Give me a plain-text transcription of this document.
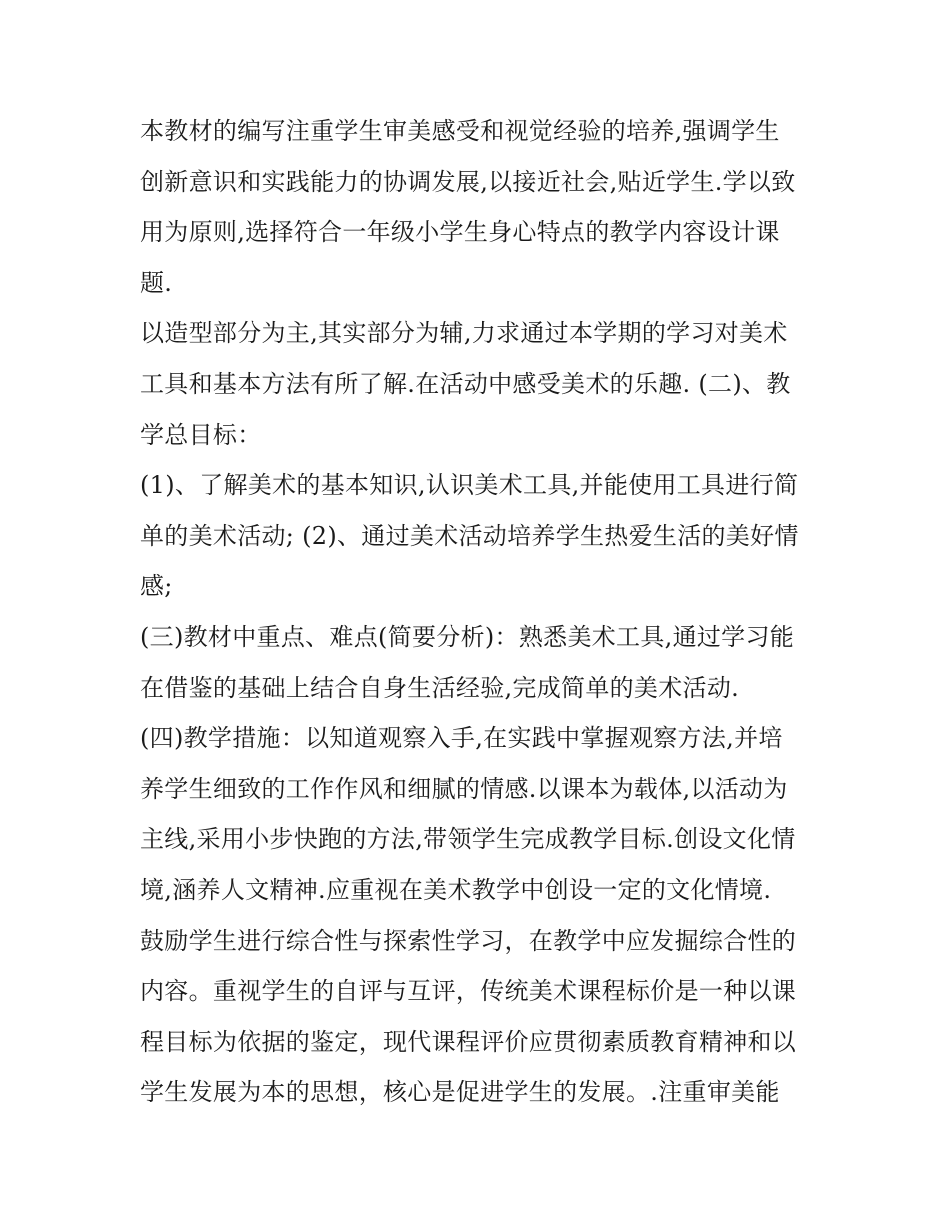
本教材的编写注重学生审美感受和视觉经验的培养,强调学生
创新意识和实践能力的协调发展,以接近社会,贴近学生.学以致
用为原则,选择符合一年级小学生身心特点的教学内容设计课
题.
以造型部分为主,其实部分为辅,力求通过本学期的学习对美术
工具和基本方法有所了解.在活动中感受美术的乐趣. (二)、教
学总目标：
(1)、了解美术的基本知识,认识美术工具,并能使用工具进行简
单的美术活动; (2)、通过美术活动培养学生热爱生活的美好情
感;
(三)教材中重点、难点(简要分析)：熟悉美术工具,通过学习能
在借鉴的基础上结合自身生活经验,完成简单的美术活动.
(四)教学措施：以知道观察入手,在实践中掌握观察方法,并培
养学生细致的工作作风和细腻的情感.以课本为载体,以活动为
主线,采用小步快跑的方法,带领学生完成教学目标.创设文化情
境,涵养人文精神.应重视在美术教学中创设一定的文化情境.
鼓励学生进行综合性与探索性学习，在教学中应发掘综合性的
内容。重视学生的自评与互评，传统美术课程标价是一种以课
程目标为依据的鉴定，现代课程评价应贯彻素质教育精神和以
学生发展为本的思想，核心是促进学生的发展。.注重审美能
